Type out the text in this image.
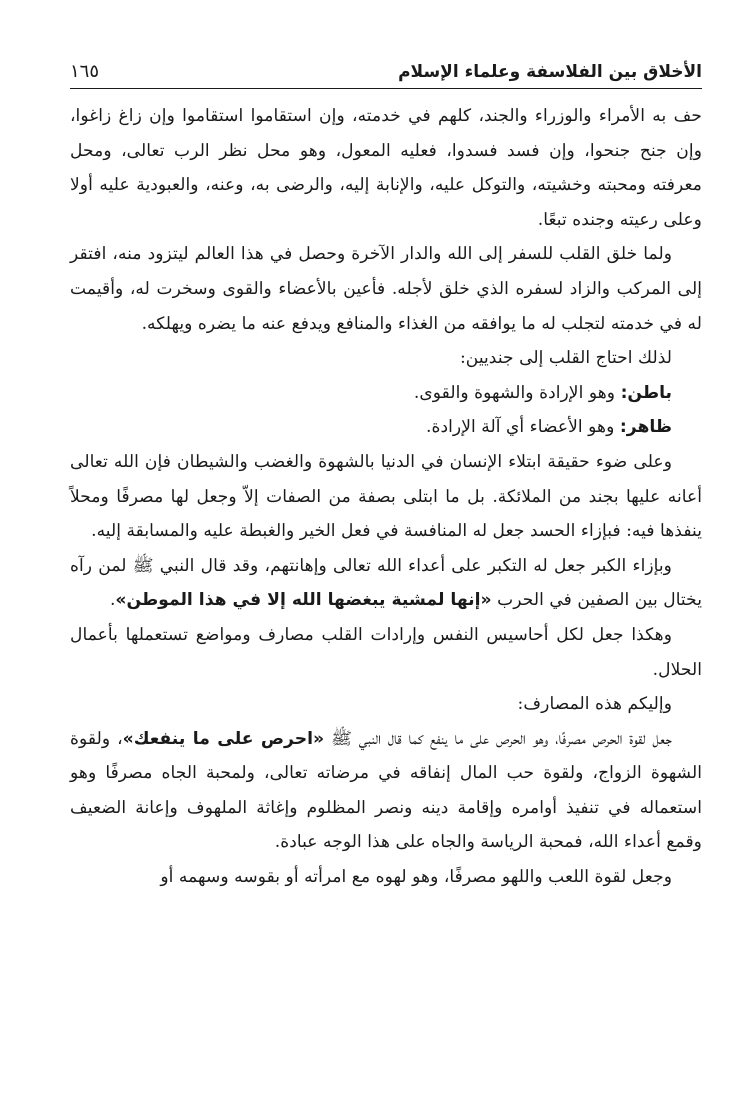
الأخلاق بين الفلاسفة وعلماء الإسلام
١٦٥

حف به الأمراء والوزراء والجند، كلهم في خدمته، وإن استقاموا استقاموا وإن زاغ زاغوا، وإن جنح جنحوا، وإن فسد فسدوا، فعليه المعول، وهو محل نظر الرب تعالى، ومحل معرفته ومحبته وخشيته، والتوكل عليه، والإنابة إليه، والرضى به، وعنه، والعبودية عليه أولا وعلى رعيته وجنده تبعًا.

ولما خلق القلب للسفر إلى الله والدار الآخرة وحصل في هذا العالم ليتزود منه، افتقر إلى المركب والزاد لسفره الذي خلق لأجله. فأعين بالأعضاء والقوى وسخرت له، وأقيمت له في خدمته لتجلب له ما يوافقه من الغذاء والمنافع ويدفع عنه ما يضره ويهلكه.

لذلك احتاج القلب إلى جنديين:

باطن: وهو الإرادة والشهوة والقوى.

ظاهر: وهو الأعضاء أي آلة الإرادة.

وعلى ضوء حقيقة ابتلاء الإنسان في الدنيا بالشهوة والغضب والشيطان فإن الله تعالى أعانه عليها بجند من الملائكة. بل ما ابتلى بصفة من الصفات إلاّ وجعل لها مصرفًا ومحلاً ينفذها فيه: فبإزاء الحسد جعل له المنافسة في فعل الخير والغبطة عليه والمسابقة إليه.

وبإزاء الكبر جعل له التكبر على أعداء الله تعالى وإهانتهم، وقد قال النبي ﷺ لمن رآه يختال بين الصفين في الحرب «إنها لمشية يبغضها الله إلا في هذا الموطن».

وهكذا جعل لكل أحاسيس النفس وإرادات القلب مصارف ومواضع تستعملها بأعمال الحلال.

وإليكم هذه المصارف:

جعل لقوة الحرص مصرفًا، وهو الحرص على ما ينفع كما قال النبي ﷺ «احرص على ما ينفعك»، ولقوة الشهوة الزواج، ولقوة حب المال إنفاقه في مرضاته تعالى، ولمحبة الجاه مصرفًا وهو استعماله في تنفيذ أوامره وإقامة دينه ونصر المظلوم وإغاثة الملهوف وإعانة الضعيف وقمع أعداء الله، فمحبة الرياسة والجاه على هذا الوجه عبادة.

وجعل لقوة اللعب واللهو مصرفًا، وهو لهوه مع امرأته أو بقوسه وسهمه أو
